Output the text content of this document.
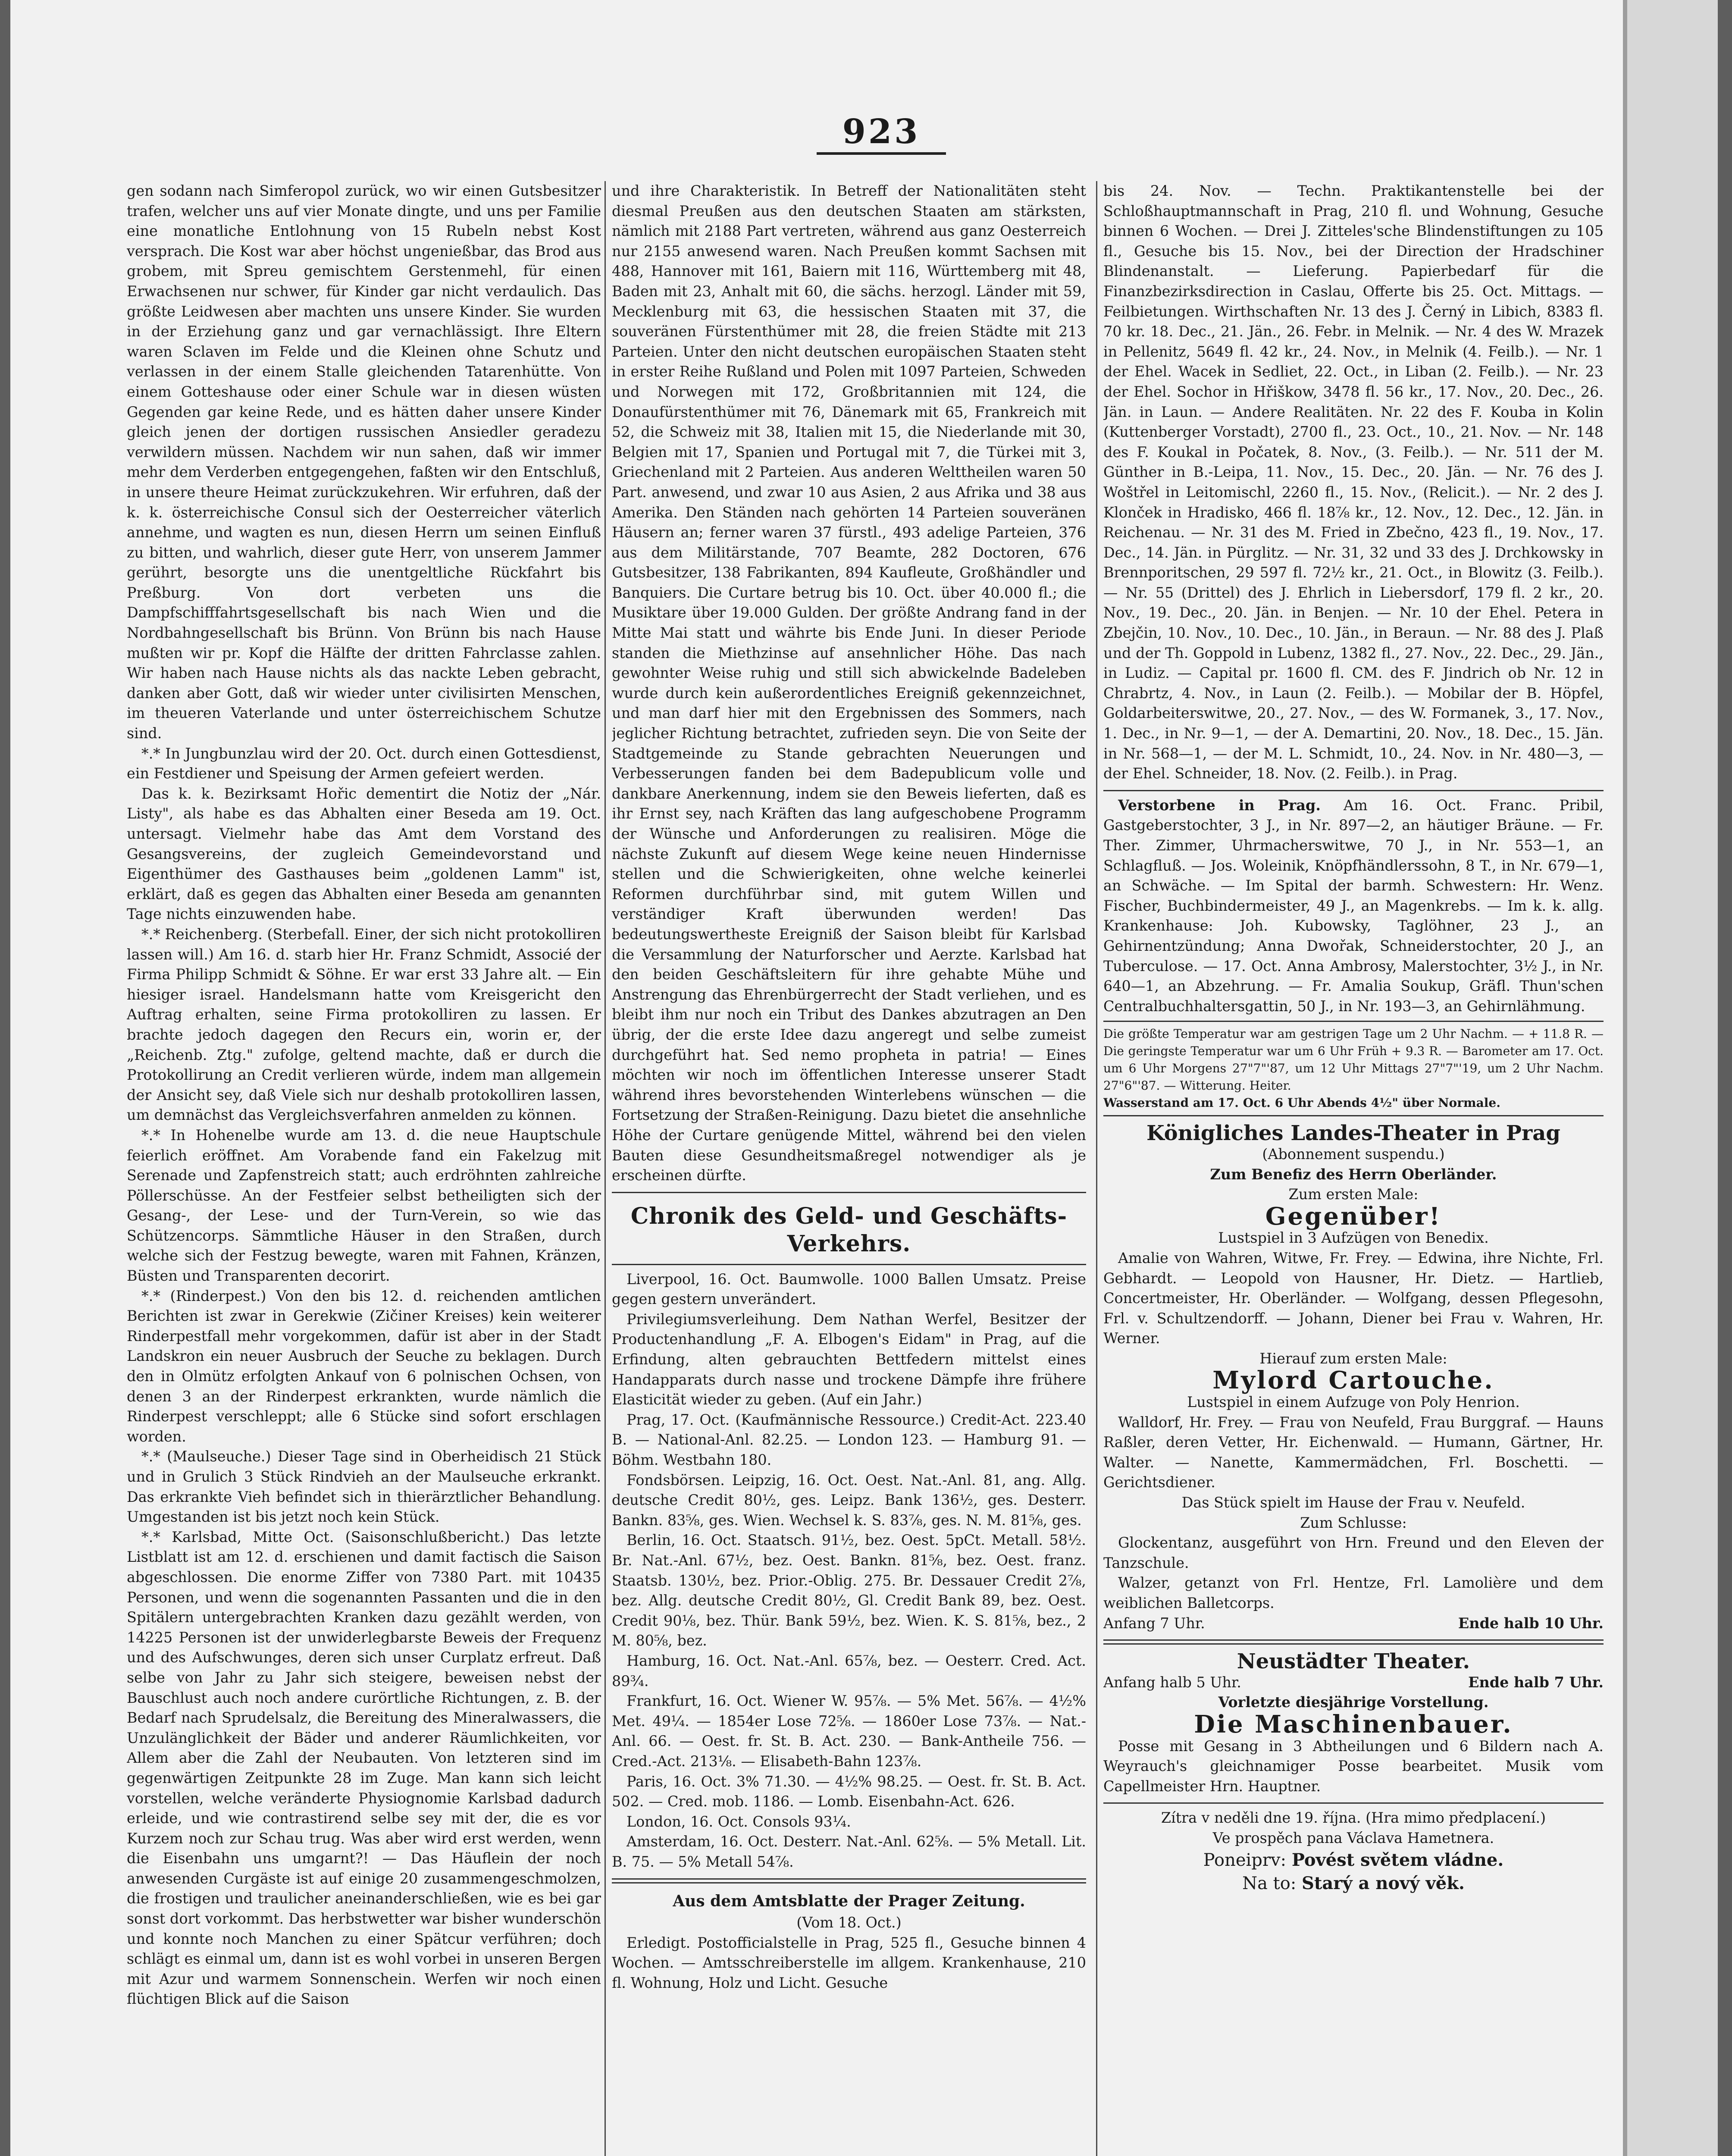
923

gen sodann nach Simferopol zurück, wo wir einen Gutsbesitzer trafen, welcher uns auf vier Monate dingte, und uns per Familie eine monatliche Entlohnung von 15 Rubeln nebst Kost versprach. Die Kost war aber höchst ungenießbar, das Brod aus grobem, mit Spreu gemischtem Gerstenmehl, für einen Erwachsenen nur schwer, für Kinder gar nicht verdaulich. Das größte Leidwesen aber machten uns unsere Kinder. Sie wurden in der Erziehung ganz und gar vernachlässigt. Ihre Eltern waren Sclaven im Felde und die Kleinen ohne Schutz und verlassen in der einem Stalle gleichenden Tatarenhütte. Von einem Gotteshause oder einer Schule war in diesen wüsten Gegenden gar keine Rede, und es hätten daher unsere Kinder gleich jenen der dortigen russischen Ansiedler geradezu verwildern müssen. Nachdem wir nun sahen, daß wir immer mehr dem Verderben entgegengehen, faßten wir den Entschluß, in unsere theure Heimat zurückzukehren. Wir erfuhren, daß der k. k. österreichische Consul sich der Oesterreicher väterlich annehme, und wagten es nun, diesen Herrn um seinen Einfluß zu bitten, und wahrlich, dieser gute Herr, von unserem Jammer gerührt, besorgte uns die unentgeltliche Rückfahrt bis Preßburg. Von dort verbeten uns die Dampfschifffahrtsgesellschaft bis nach Wien und die Nordbahngesellschaft bis Brünn. Von Brünn bis nach Hause mußten wir pr. Kopf die Hälfte der dritten Fahrclasse zahlen. Wir haben nach Hause nichts als das nackte Leben gebracht, danken aber Gott, daß wir wieder unter civilisirten Menschen, im theueren Vaterlande und unter österreichischem Schutze sind.

*.* In Jungbunzlau wird der 20. Oct. durch einen Gottesdienst, ein Festdiener und Speisung der Armen gefeiert werden.

Das k. k. Bezirksamt Hořic dementirt die Notiz der „Nár. Listy", als habe es das Abhalten einer Beseda am 19. Oct. untersagt. Vielmehr habe das Amt dem Vorstand des Gesangsvereins, der zugleich Gemeindevorstand und Eigenthümer des Gasthauses beim „goldenen Lamm" ist, erklärt, daß es gegen das Abhalten einer Beseda am genannten Tage nichts einzuwenden habe.

*.* Reichenberg. (Sterbefall. Einer, der sich nicht protokolliren lassen will.) Am 16. d. starb hier Hr. Franz Schmidt, Associé der Firma Philipp Schmidt & Söhne. Er war erst 33 Jahre alt. — Ein hiesiger israel. Handelsmann hatte vom Kreisgericht den Auftrag erhalten, seine Firma protokolliren zu lassen. Er brachte jedoch dagegen den Recurs ein, worin er, der „Reichenb. Ztg." zufolge, geltend machte, daß er durch die Protokollirung an Credit verlieren würde, indem man allgemein der Ansicht sey, daß Viele sich nur deshalb protokolliren lassen, um demnächst das Vergleichsverfahren anmelden zu können.

*.* In Hohenelbe wurde am 13. d. die neue Hauptschule feierlich eröffnet. Am Vorabende fand ein Fakelzug mit Serenade und Zapfenstreich statt; auch erdröhnten zahlreiche Pöllerschüsse. An der Festfeier selbst betheiligten sich der Gesang-, der Lese- und der Turn-Verein, so wie das Schützencorps. Sämmtliche Häuser in den Straßen, durch welche sich der Festzug bewegte, waren mit Fahnen, Kränzen, Büsten und Transparenten decorirt.

*.* (Rinderpest.) Von den bis 12. d. reichenden amtlichen Berichten ist zwar in Gerekwie (Zičiner Kreises) kein weiterer Rinderpestfall mehr vorgekommen, dafür ist aber in der Stadt Landskron ein neuer Ausbruch der Seuche zu beklagen. Durch den in Olmütz erfolgten Ankauf von 6 polnischen Ochsen, von denen 3 an der Rinderpest erkrankten, wurde nämlich die Rinderpest verschleppt; alle 6 Stücke sind sofort erschlagen worden.

*.* (Maulseuche.) Dieser Tage sind in Oberheidisch 21 Stück und in Grulich 3 Stück Rindvieh an der Maulseuche erkrankt. Das erkrankte Vieh befindet sich in thierärztlicher Behandlung. Umgestanden ist bis jetzt noch kein Stück.

*.* Karlsbad, Mitte Oct. (Saisonschlußbericht.) Das letzte Listblatt ist am 12. d. erschienen und damit factisch die Saison abgeschlossen. Die enorme Ziffer von 7380 Part. mit 10435 Personen, und wenn die sogenannten Passanten und die in den Spitälern untergebrachten Kranken dazu gezählt werden, von 14225 Personen ist der unwiderlegbarste Beweis der Frequenz und des Aufschwunges, deren sich unser Curplatz erfreut. Daß selbe von Jahr zu Jahr sich steigere, beweisen nebst der Bauschlust auch noch andere curörtliche Richtungen, z. B. der Bedarf nach Sprudelsalz, die Bereitung des Mineralwassers, die Unzulänglichkeit der Bäder und anderer Räumlichkeiten, vor Allem aber die Zahl der Neubauten. Von letzteren sind im gegenwärtigen Zeitpunkte 28 im Zuge. Man kann sich leicht vorstellen, welche veränderte Physiognomie Karlsbad dadurch erleide, und wie contrastirend selbe sey mit der, die es vor Kurzem noch zur Schau trug. Was aber wird erst werden, wenn die Eisenbahn uns umgarnt?! — Das Häuflein der noch anwesenden Curgäste ist auf einige 20 zusammengeschmolzen, die frostigen und traulicher aneinanderschließen, wie es bei gar sonst dort vorkommt. Das herbstwetter war bisher wunderschön und konnte noch Manchen zu einer Spätcur verführen; doch schlägt es einmal um, dann ist es wohl vorbei in unseren Bergen mit Azur und warmem Sonnenschein. Werfen wir noch einen flüchtigen Blick auf die Saison

und ihre Charakteristik. In Betreff der Nationalitäten steht diesmal Preußen aus den deutschen Staaten am stärksten, nämlich mit 2188 Part vertreten, während aus ganz Oesterreich nur 2155 anwesend waren. Nach Preußen kommt Sachsen mit 488, Hannover mit 161, Baiern mit 116, Württemberg mit 48, Baden mit 23, Anhalt mit 60, die sächs. herzogl. Länder mit 59, Mecklenburg mit 63, die hessischen Staaten mit 37, die souveränen Fürstenthümer mit 28, die freien Städte mit 213 Parteien. Unter den nicht deutschen europäischen Staaten steht in erster Reihe Rußland und Polen mit 1097 Parteien, Schweden und Norwegen mit 172, Großbritannien mit 124, die Donaufürstenthümer mit 76, Dänemark mit 65, Frankreich mit 52, die Schweiz mit 38, Italien mit 15, die Niederlande mit 30, Belgien mit 17, Spanien und Portugal mit 7, die Türkei mit 3, Griechenland mit 2 Parteien. Aus anderen Welttheilen waren 50 Part. anwesend, und zwar 10 aus Asien, 2 aus Afrika und 38 aus Amerika. Den Ständen nach gehörten 14 Parteien souveränen Häusern an; ferner waren 37 fürstl., 493 adelige Parteien, 376 aus dem Militärstande, 707 Beamte, 282 Doctoren, 676 Gutsbesitzer, 138 Fabrikanten, 894 Kaufleute, Großhändler und Banquiers. Die Curtare betrug bis 10. Oct. über 40.000 fl.; die Musiktare über 19.000 Gulden. Der größte Andrang fand in der Mitte Mai statt und währte bis Ende Juni. In dieser Periode standen die Miethzinse auf ansehnlicher Höhe. Das nach gewohnter Weise ruhig und still sich abwickelnde Badeleben wurde durch kein außerordentliches Ereigniß gekennzeichnet, und man darf hier mit den Ergebnissen des Sommers, nach jeglicher Richtung betrachtet, zufrieden seyn. Die von Seite der Stadtgemeinde zu Stande gebrachten Neuerungen und Verbesserungen fanden bei dem Badepublicum volle und dankbare Anerkennung, indem sie den Beweis lieferten, daß es ihr Ernst sey, nach Kräften das lang aufgeschobene Programm der Wünsche und Anforderungen zu realisiren. Möge die nächste Zukunft auf diesem Wege keine neuen Hindernisse stellen und die Schwierigkeiten, ohne welche keinerlei Reformen durchführbar sind, mit gutem Willen und verständiger Kraft überwunden werden! Das bedeutungswertheste Ereigniß der Saison bleibt für Karlsbad die Versammlung der Naturforscher und Aerzte. Karlsbad hat den beiden Geschäftsleitern für ihre gehabte Mühe und Anstrengung das Ehrenbürgerrecht der Stadt verliehen, und es bleibt ihm nur noch ein Tribut des Dankes abzutragen an Den übrig, der die erste Idee dazu angeregt und selbe zumeist durchgeführt hat. Sed nemo propheta in patria! — Eines möchten wir noch im öffentlichen Interesse unserer Stadt während ihres bevorstehenden Winterlebens wünschen — die Fortsetzung der Straßen-Reinigung. Dazu bietet die ansehnliche Höhe der Curtare genügende Mittel, während bei den vielen Bauten diese Gesundheitsmaßregel notwendiger als je erscheinen dürfte.

Chronik des Geld- und Geschäfts-Verkehrs.

Liverpool, 16. Oct. Baumwolle. 1000 Ballen Umsatz. Preise gegen gestern unverändert.

Privilegiumsverleihung. Dem Nathan Werfel, Besitzer der Productenhandlung „F. A. Elbogen's Eidam" in Prag, auf die Erfindung, alten gebrauchten Bettfedern mittelst eines Handapparats durch nasse und trockene Dämpfe ihre frühere Elasticität wieder zu geben. (Auf ein Jahr.)

Prag, 17. Oct. (Kaufmännische Ressource.) Credit-Act. 223.40 B. — National-Anl. 82.25. — London 123. — Hamburg 91. — Böhm. Westbahn 180.

Fondsbörsen. Leipzig, 16. Oct. Oest. Nat.-Anl. 81, ang. Allg. deutsche Credit 80½, ges. Leipz. Bank 136½, ges. Desterr. Bankn. 83⅝, ges. Wien. Wechsel k. S. 83⅞, ges. N. M. 81⅝, ges.

Berlin, 16. Oct. Staatsch. 91½, bez. Oest. 5pCt. Metall. 58½. Br. Nat.-Anl. 67½, bez. Oest. Bankn. 81⅝, bez. Oest. franz. Staatsb. 130½, bez. Prior.-Oblig. 275. Br. Dessauer Credit 2⅞, bez. Allg. deutsche Credit 80½, Gl. Credit Bank 89, bez. Oest. Credit 90⅛, bez. Thür. Bank 59½, bez. Wien. K. S. 81⅝, bez., 2 M. 80⅝, bez.

Hamburg, 16. Oct. Nat.-Anl. 65⅞, bez. — Oesterr. Cred. Act. 89¾.

Frankfurt, 16. Oct. Wiener W. 95⅞. — 5% Met. 56⅞. — 4½% Met. 49¼. — 1854er Lose 72⅝. — 1860er Lose 73⅞. — Nat.-Anl. 66. — Oest. fr. St. B. Act. 230. — Bank-Antheile 756. — Cred.-Act. 213⅛. — Elisabeth-Bahn 123⅞.

Paris, 16. Oct. 3% 71.30. — 4½% 98.25. — Oest. fr. St. B. Act. 502. — Cred. mob. 1186. — Lomb. Eisenbahn-Act. 626.

London, 16. Oct. Consols 93¼.

Amsterdam, 16. Oct. Desterr. Nat.-Anl. 62⅝. — 5% Metall. Lit. B. 75. — 5% Metall 54⅞.

Aus dem Amtsblatte der Prager Zeitung.

(Vom 18. Oct.)

Erledigt. Postofficialstelle in Prag, 525 fl., Gesuche binnen 4 Wochen. — Amtsschreiberstelle im allgem. Krankenhause, 210 fl. Wohnung, Holz und Licht. Gesuche

bis 24. Nov. — Techn. Praktikantenstelle bei der Schloßhauptmannschaft in Prag, 210 fl. und Wohnung, Gesuche binnen 6 Wochen. — Drei J. Zitteles'sche Blindenstiftungen zu 105 fl., Gesuche bis 15. Nov., bei der Direction der Hradschiner Blindenanstalt. — Lieferung. Papierbedarf für die Finanzbezirksdirection in Caslau, Offerte bis 25. Oct. Mittags. — Feilbietungen. Wirthschaften Nr. 13 des J. Černý in Libich, 8383 fl. 70 kr. 18. Dec., 21. Jän., 26. Febr. in Melnik. — Nr. 4 des W. Mrazek in Pellenitz, 5649 fl. 42 kr., 24. Nov., in Melnik (4. Feilb.). — Nr. 1 der Ehel. Wacek in Sedliet, 22. Oct., in Liban (2. Feilb.). — Nr. 23 der Ehel. Sochor in Hřiškow, 3478 fl. 56 kr., 17. Nov., 20. Dec., 26. Jän. in Laun. — Andere Realitäten. Nr. 22 des F. Kouba in Kolin (Kuttenberger Vorstadt), 2700 fl., 23. Oct., 10., 21. Nov. — Nr. 148 des F. Koukal in Počatek, 8. Nov., (3. Feilb.). — Nr. 511 der M. Günther in B.-Leipa, 11. Nov., 15. Dec., 20. Jän. — Nr. 76 des J. Woštřel in Leitomischl, 2260 fl., 15. Nov., (Relicit.). — Nr. 2 des J. Klonček in Hradisko, 466 fl. 18⅞ kr., 12. Nov., 12. Dec., 12. Jän. in Reichenau. — Nr. 31 des M. Fried in Zbečno, 423 fl., 19. Nov., 17. Dec., 14. Jän. in Pürglitz. — Nr. 31, 32 und 33 des J. Drchkowsky in Brennporitschen, 29 597 fl. 72½ kr., 21. Oct., in Blowitz (3. Feilb.). — Nr. 55 (Drittel) des J. Ehrlich in Liebersdorf, 179 fl. 2 kr., 20. Nov., 19. Dec., 20. Jän. in Benjen. — Nr. 10 der Ehel. Petera in Zbejčin, 10. Nov., 10. Dec., 10. Jän., in Beraun. — Nr. 88 des J. Plaß und der Th. Goppold in Lubenz, 1382 fl., 27. Nov., 22. Dec., 29. Jän., in Ludiz. — Capital pr. 1600 fl. CM. des F. Jindrich ob Nr. 12 in Chrabrtz, 4. Nov., in Laun (2. Feilb.). — Mobilar der B. Höpfel, Goldarbeiterswitwe, 20., 27. Nov., — des W. Formanek, 3., 17. Nov., 1. Dec., in Nr. 9—1, — der A. Demartini, 20. Nov., 18. Dec., 15. Jän. in Nr. 568—1, — der M. L. Schmidt, 10., 24. Nov. in Nr. 480—3, — der Ehel. Schneider, 18. Nov. (2. Feilb.). in Prag.

Verstorbene in Prag. Am 16. Oct. Franc. Pribil, Gastgeberstochter, 3 J., in Nr. 897—2, an häutiger Bräune. — Fr. Ther. Zimmer, Uhrmacherswitwe, 70 J., in Nr. 553—1, an Schlagfluß. — Jos. Woleinik, Knöpfhändlerssohn, 8 T., in Nr. 679—1, an Schwäche. — Im Spital der barmh. Schwestern: Hr. Wenz. Fischer, Buchbindermeister, 49 J., an Magenkrebs. — Im k. k. allg. Krankenhause: Joh. Kubowsky, Taglöhner, 23 J., an Gehirnentzündung; Anna Dwořak, Schneiderstochter, 20 J., an Tuberculose. — 17. Oct. Anna Ambrosy, Malerstochter, 3½ J., in Nr. 640—1, an Abzehrung. — Fr. Amalia Soukup, Gräfl. Thun'schen Centralbuchhaltersgattin, 50 J., in Nr. 193—3, an Gehirnlähmung.

Die größte Temperatur war am gestrigen Tage um 2 Uhr Nachm. — + 11.8 R. — Die geringste Temperatur war um 6 Uhr Früh + 9.3 R. — Barometer am 17. Oct. um 6 Uhr Morgens 27"7"'87, um 12 Uhr Mittags 27"7"'19, um 2 Uhr Nachm. 27"6"'87. — Witterung. Heiter.
Wasserstand am 17. Oct. 6 Uhr Abends 4½" über Normale.
Königliches Landes-Theater in Prag

(Abonnement suspendu.)

Zum Benefiz des Herrn Oberländer.

Zum ersten Male:

Gegenüber!

Lustspiel in 3 Aufzügen von Benedix.

Amalie von Wahren, Witwe, Fr. Frey. — Edwina, ihre Nichte, Frl. Gebhardt. — Leopold von Hausner, Hr. Dietz. — Hartlieb, Concertmeister, Hr. Oberländer. — Wolfgang, dessen Pflegesohn, Frl. v. Schultzendorff. — Johann, Diener bei Frau v. Wahren, Hr. Werner.

Hierauf zum ersten Male:

Mylord Cartouche.

Lustspiel in einem Aufzuge von Poly Henrion.

Walldorf, Hr. Frey. — Frau von Neufeld, Frau Burggraf. — Hauns Raßler, deren Vetter, Hr. Eichenwald. — Humann, Gärtner, Hr. Walter. — Nanette, Kammermädchen, Frl. Boschetti. — Gerichtsdiener.

Das Stück spielt im Hause der Frau v. Neufeld.

Zum Schlusse:

Glockentanz, ausgeführt von Hrn. Freund und den Eleven der Tanzschule.

Walzer, getanzt von Frl. Hentze, Frl. Lamolière und dem weiblichen Balletcorps.

Anfang 7 Uhr.	Ende halb 10 Uhr.
Neustädter Theater.
Anfang halb 5 Uhr.	Ende halb 7 Uhr.

Vorletzte diesjährige Vorstellung.

Die Maschinenbauer.

Posse mit Gesang in 3 Abtheilungen und 6 Bildern nach A. Weyrauch's gleichnamiger Posse bearbeitet. Musik vom Capellmeister Hrn. Hauptner.

Zítra v neděli dne 19. října. (Hra mimo předplacení.)

Ve prospěch pana Václava Hametnera.

Poneiprv: Povést světem vládne.

Na to: Starý a nový věk.
